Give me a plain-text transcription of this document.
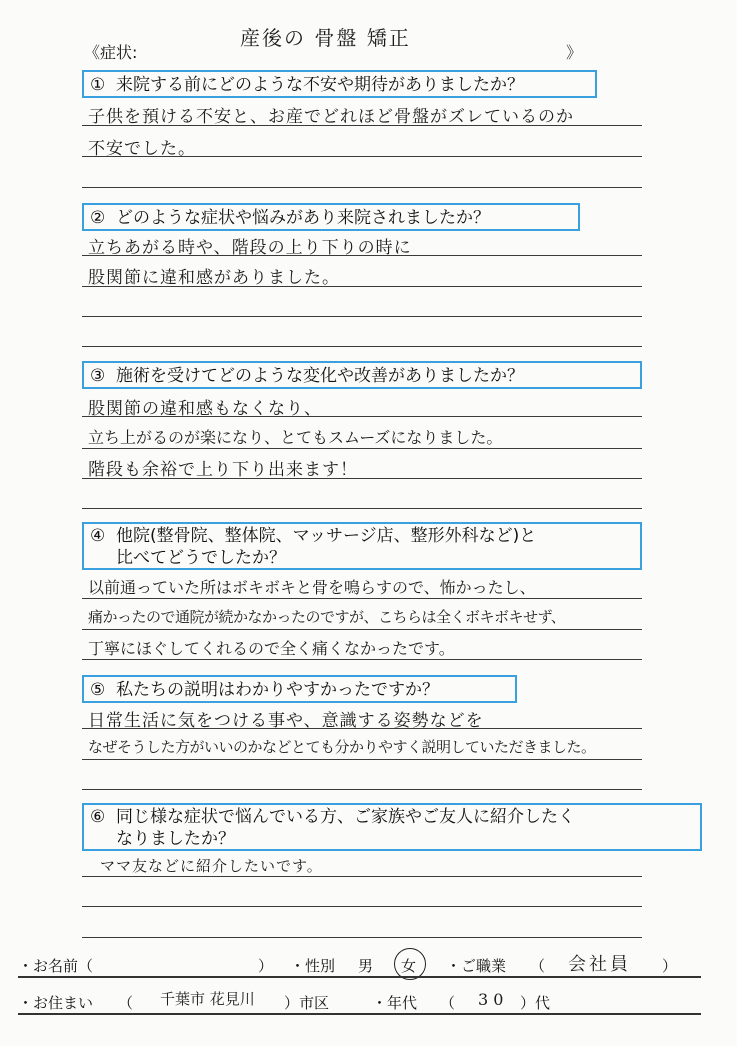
《症状:
産後の 骨盤 矯正
》
① 来院する前にどのような不安や期待がありましたか？
子供を預ける不安と、お産でどれほど骨盤がズレているのか
不安でした。
② どのような症状や悩みがあり来院されましたか？
立ちあがる時や、階段の上り下りの時に
股関節に違和感がありました。
③ 施術を受けてどのような変化や改善がありましたか？
股関節の違和感もなくなり、
立ち上がるのが楽になり、とてもスムーズになりました。
階段も余裕で上り下り出来ます！
④ 他院(整骨院、整体院、マッサージ店、整形外科など)と
比べてどうでしたか？
以前通っていた所はボキボキと骨を鳴らすので、怖かったし、
痛かったので通院が続かなかったのですが、こちらは全くボキボキせず、
丁寧にほぐしてくれるので全く痛くなかったです。
⑤ 私たちの説明はわかりやすかったですか？
日常生活に気をつける事や、意識する姿勢などを
なぜそうした方がいいのかなどとても分かりやすく説明していただきました。
⑥ 同じ様な症状で悩んでいる方、ご家族やご友人に紹介したく
なりましたか？
ママ友などに紹介したいです。
・お名前（	） ・性別 男 女 ・ご職業 （ 会社員 ）
・お住まい （ 千葉市 花見川 ）市区	・年代 （ 3 0 ）代
